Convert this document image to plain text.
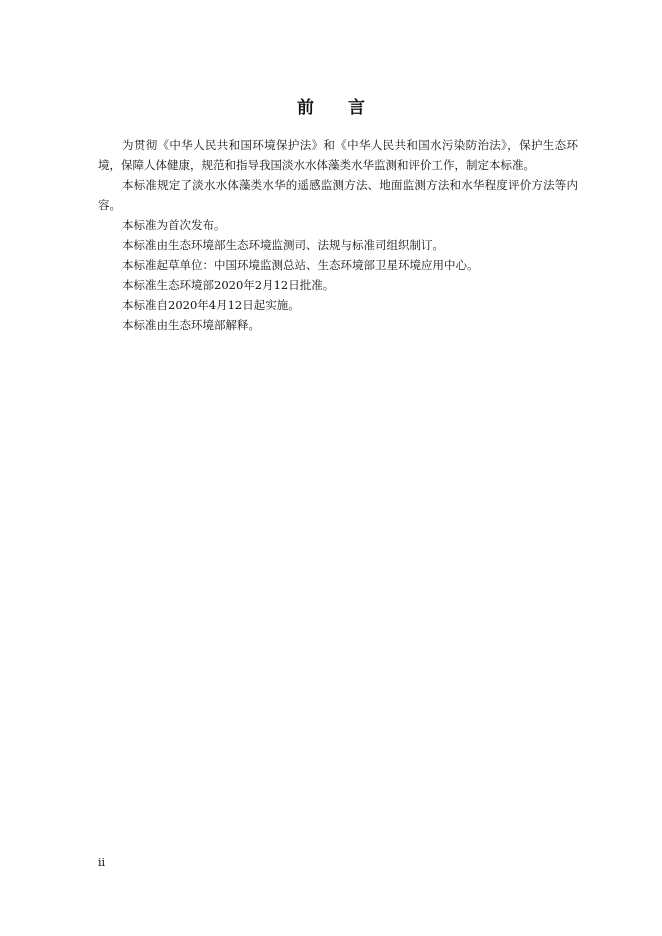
前 言

为贯彻《中华人民共和国环境保护法》和《中华人民共和国水污染防治法》，保护生态环境，保障人体健康，规范和指导我国淡水水体藻类水华监测和评价工作，制定本标准。

本标准规定了淡水水体藻类水华的遥感监测方法、地面监测方法和水华程度评价方法等内容。

本标准为首次发布。

本标准由生态环境部生态环境监测司、法规与标准司组织制订。

本标准起草单位：中国环境监测总站、生态环境部卫星环境应用中心。

本标准生态环境部2020年2月12日批准。

本标准自2020年4月12日起实施。

本标准由生态环境部解释。

ii
